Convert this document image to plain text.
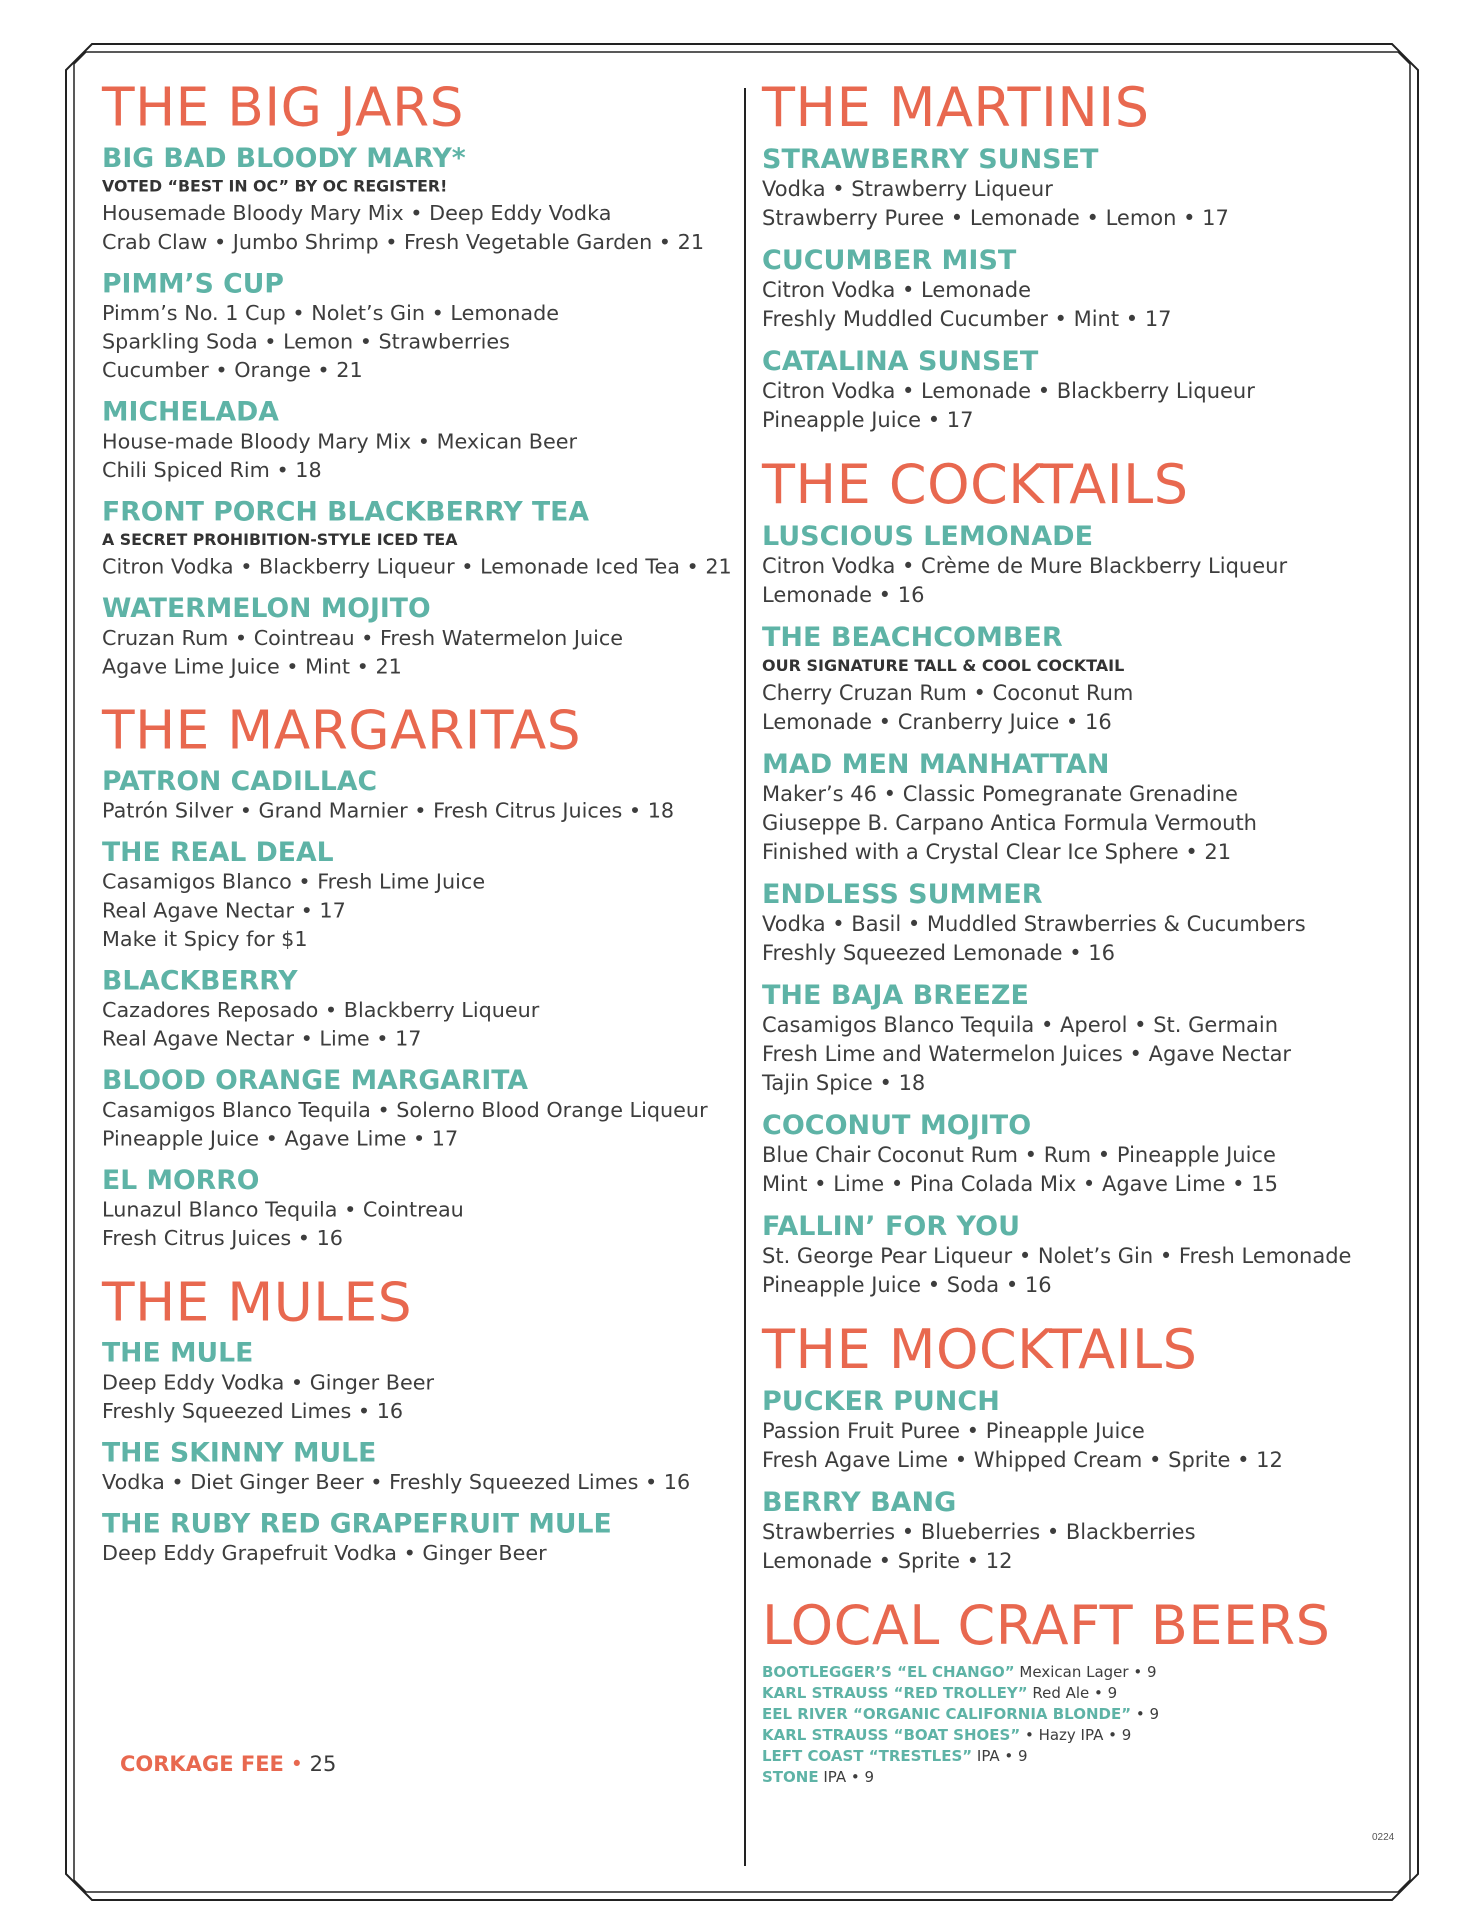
THE BIG JARS
BIG BAD BLOODY MARY*
VOTED “BEST IN OC” BY OC REGISTER!
Housemade Bloody Mary Mix • Deep Eddy Vodka
Crab Claw • Jumbo Shrimp • Fresh Vegetable Garden • 21
PIMM’S CUP
Pimm’s No. 1 Cup • Nolet’s Gin • Lemonade
Sparkling Soda • Lemon • Strawberries
Cucumber • Orange • 21
MICHELADA
House-made Bloody Mary Mix • Mexican Beer
Chili Spiced Rim • 18
FRONT PORCH BLACKBERRY TEA
A SECRET PROHIBITION-STYLE ICED TEA
Citron Vodka • Blackberry Liqueur • Lemonade Iced Tea • 21
WATERMELON MOJITO
Cruzan Rum • Cointreau • Fresh Watermelon Juice
Agave Lime Juice • Mint • 21
THE MARGARITAS
PATRON CADILLAC
Patrón Silver • Grand Marnier • Fresh Citrus Juices • 18
THE REAL DEAL
Casamigos Blanco • Fresh Lime Juice
Real Agave Nectar • 17
Make it Spicy for $1
BLACKBERRY
Cazadores Reposado • Blackberry Liqueur
Real Agave Nectar • Lime • 17
BLOOD ORANGE MARGARITA
Casamigos Blanco Tequila • Solerno Blood Orange Liqueur
Pineapple Juice • Agave Lime • 17
EL MORRO
Lunazul Blanco Tequila • Cointreau
Fresh Citrus Juices • 16
THE MULES
THE MULE
Deep Eddy Vodka • Ginger Beer
Freshly Squeezed Limes • 16
THE SKINNY MULE
Vodka • Diet Ginger Beer • Freshly Squeezed Limes • 16
THE RUBY RED GRAPEFRUIT MULE
Deep Eddy Grapefruit Vodka • Ginger Beer
THE MARTINIS
STRAWBERRY SUNSET
Vodka • Strawberry Liqueur
Strawberry Puree • Lemonade • Lemon • 17
CUCUMBER MIST
Citron Vodka • Lemonade
Freshly Muddled Cucumber • Mint • 17
CATALINA SUNSET
Citron Vodka • Lemonade • Blackberry Liqueur
Pineapple Juice • 17
THE COCKTAILS
LUSCIOUS LEMONADE
Citron Vodka • Crème de Mure Blackberry Liqueur
Lemonade • 16
THE BEACHCOMBER
OUR SIGNATURE TALL & COOL COCKTAIL
Cherry Cruzan Rum • Coconut Rum
Lemonade • Cranberry Juice • 16
MAD MEN MANHATTAN
Maker’s 46 • Classic Pomegranate Grenadine
Giuseppe B. Carpano Antica Formula Vermouth
Finished with a Crystal Clear Ice Sphere • 21
ENDLESS SUMMER
Vodka • Basil • Muddled Strawberries & Cucumbers
Freshly Squeezed Lemonade • 16
THE BAJA BREEZE
Casamigos Blanco Tequila • Aperol • St. Germain
Fresh Lime and Watermelon Juices • Agave Nectar
Tajin Spice • 18
COCONUT MOJITO
Blue Chair Coconut Rum • Rum • Pineapple Juice
Mint • Lime • Pina Colada Mix • Agave Lime • 15
FALLIN’ FOR YOU
St. George Pear Liqueur • Nolet’s Gin • Fresh Lemonade
Pineapple Juice • Soda • 16
THE MOCKTAILS
PUCKER PUNCH
Passion Fruit Puree • Pineapple Juice
Fresh Agave Lime • Whipped Cream • Sprite • 12
BERRY BANG
Strawberries • Blueberries • Blackberries
Lemonade • Sprite • 12
LOCAL CRAFT BEERS
BOOTLEGGER’S “EL CHANGO” Mexican Lager • 9
KARL STRAUSS “RED TROLLEY” Red Ale • 9
EEL RIVER “ORGANIC CALIFORNIA BLONDE” • 9
KARL STRAUSS “BOAT SHOES” • Hazy IPA • 9
LEFT COAST “TRESTLES” IPA • 9
STONE IPA • 9
CORKAGE FEE • 25
0224
